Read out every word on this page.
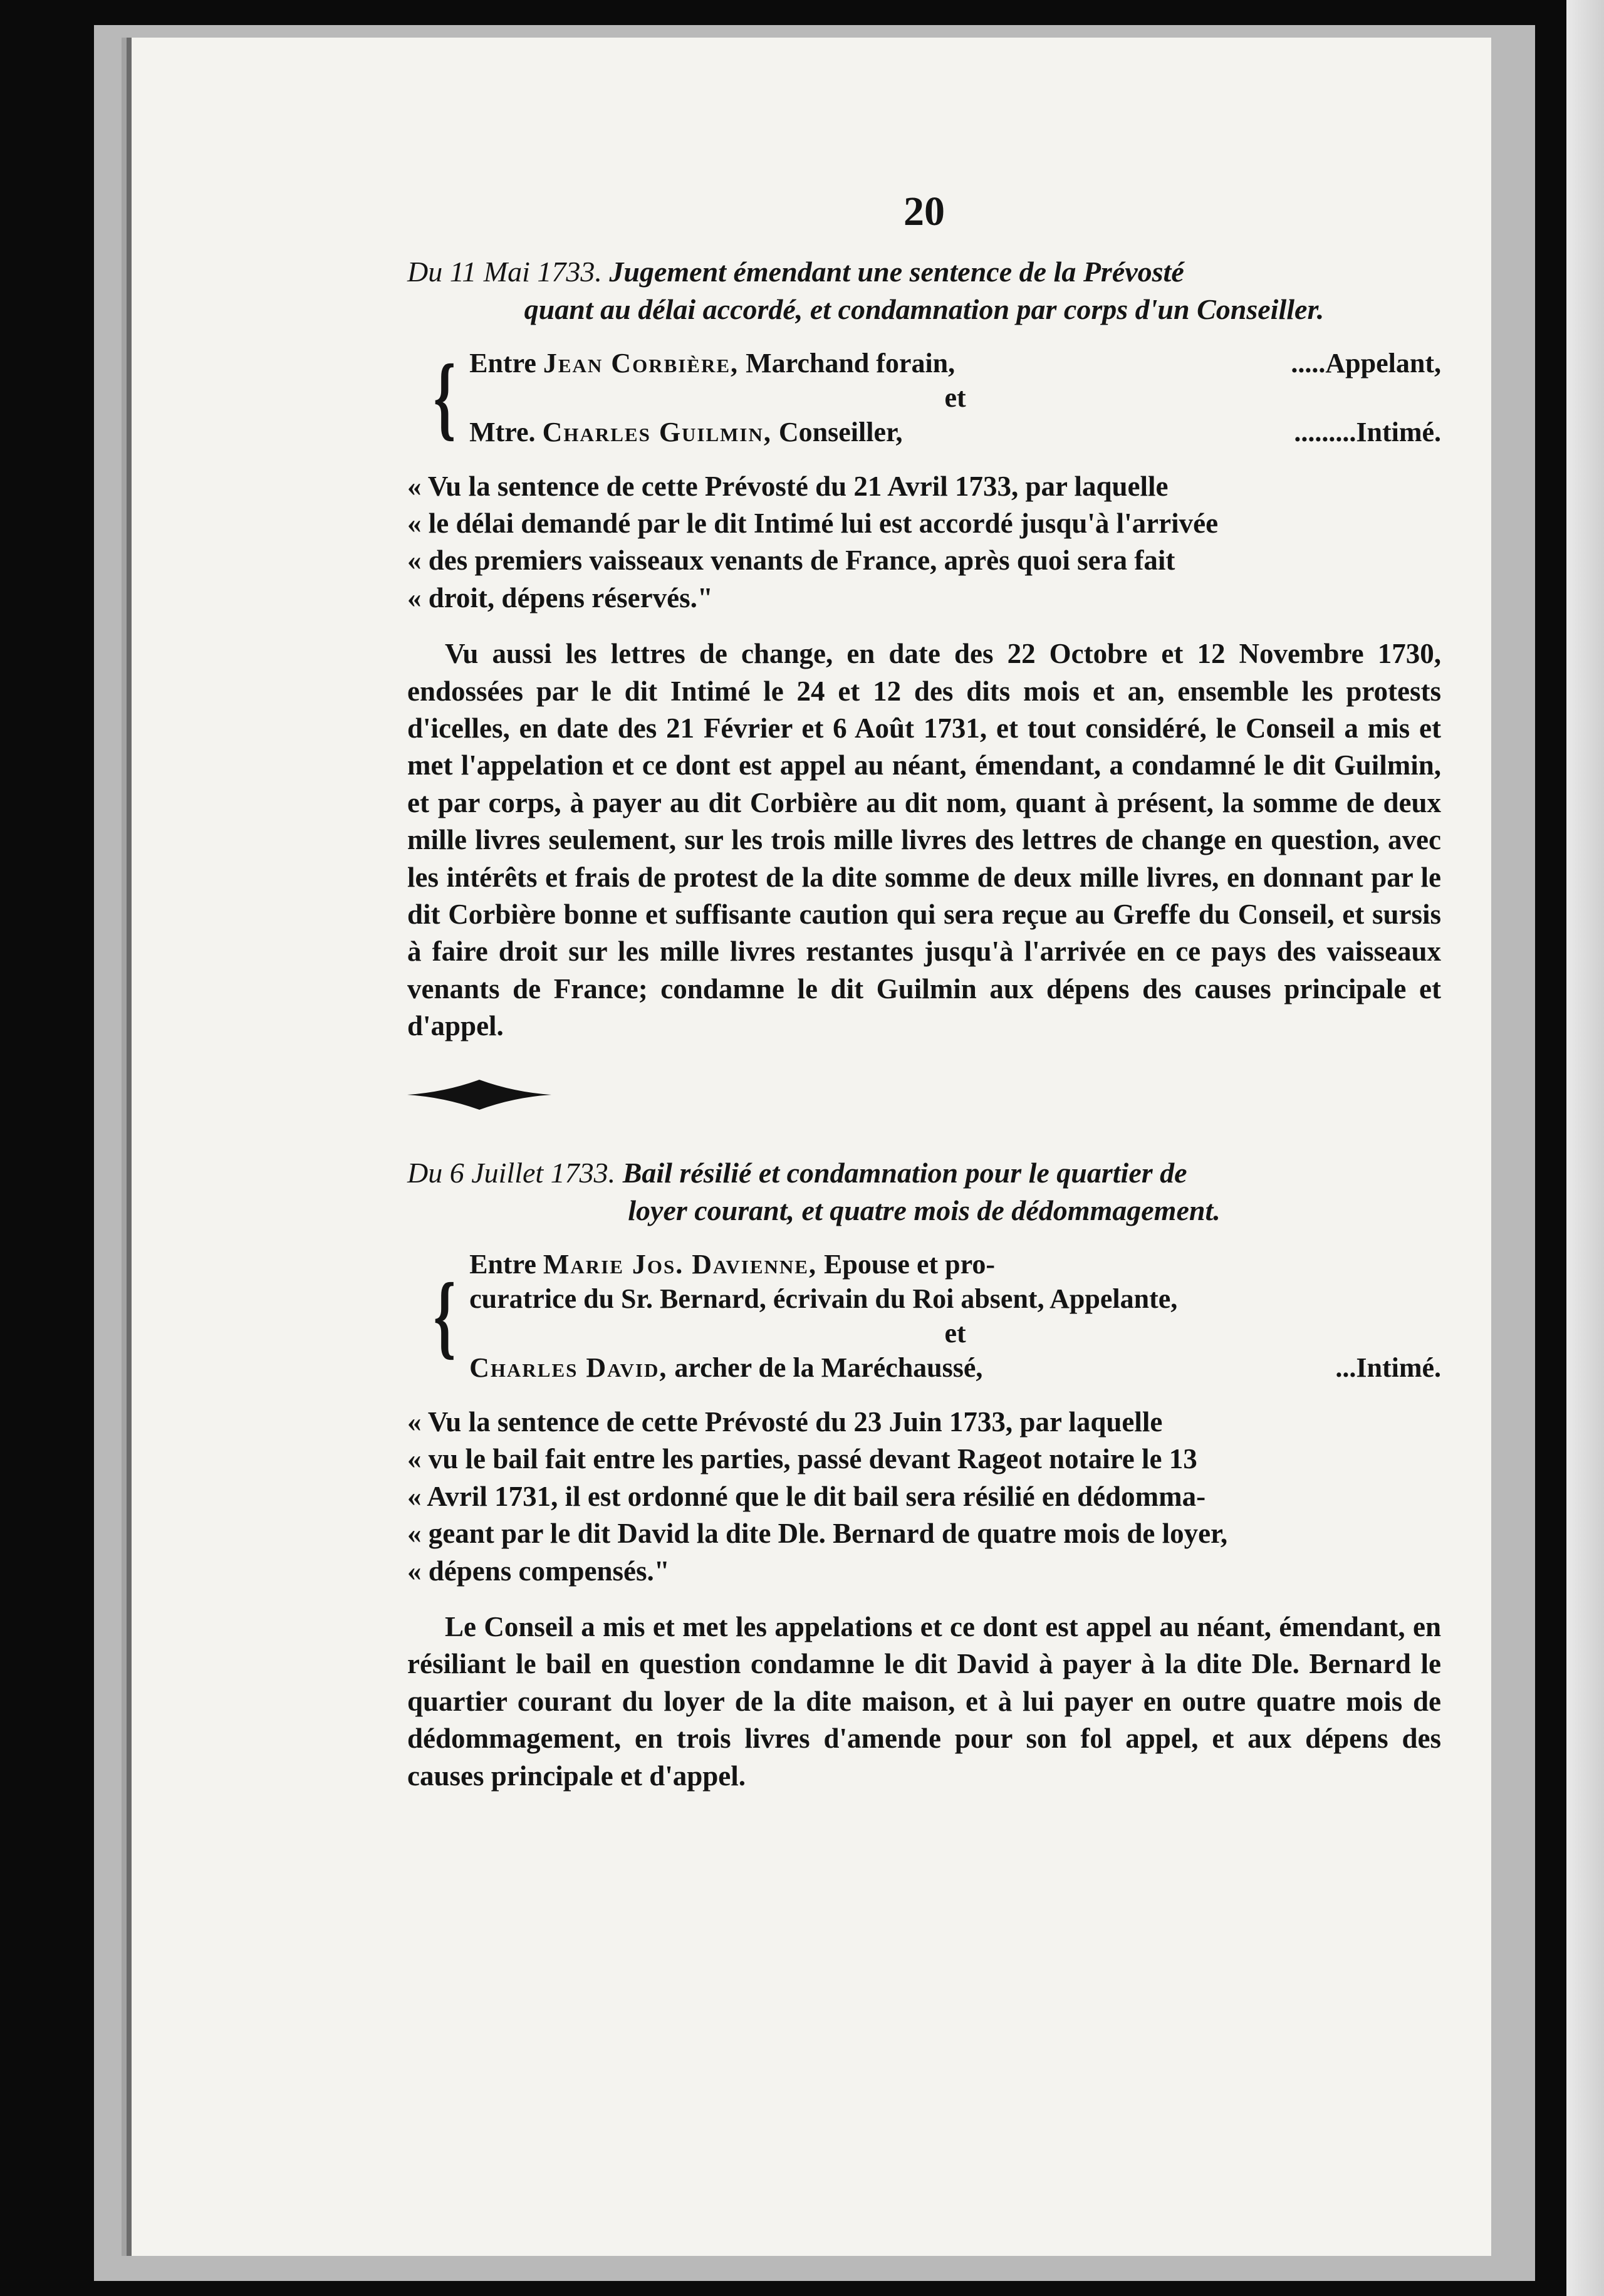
20
Du 11 Mai 1733. Jugement émendant une sentence de la Prévosté
quant au délai accordé, et condamnation par corps d'un Conseiller.
{ Entre Jean Corbière, Marchand forain,	.....Appelant,
et
Mtre. Charles Guilmin, Conseiller,	.........Intimé.
« Vu la sentence de cette Prévosté du 21 Avril 1733, par laquelle
« le délai demandé par le dit Intimé lui est accordé jusqu'à l'arrivée
« des premiers vaisseaux venants de France, après quoi sera fait
« droit, dépens réservés."

Vu aussi les lettres de change, en date des 22 Octobre et 12 Novembre 1730, endossées par le dit Intimé le 24 et 12 des dits mois et an, ensemble les protests d'icelles, en date des 21 Février et 6 Août 1731, et tout considéré, le Conseil a mis et met l'appelation et ce dont est appel au néant, émendant, a condamné le dit Guilmin, et par corps, à payer au dit Corbière au dit nom, quant à présent, la somme de deux mille livres seulement, sur les trois mille livres des lettres de change en question, avec les intérêts et frais de protest de la dite somme de deux mille livres, en donnant par le dit Corbière bonne et suffisante caution qui sera reçue au Greffe du Conseil, et sursis à faire droit sur les mille livres restantes jusqu'à l'arrivée en ce pays des vaisseaux venants de France; condamne le dit Guilmin aux dépens des causes principale et d'appel.

Du 6 Juillet 1733. Bail résilié et condamnation pour le quartier de
loyer courant, et quatre mois de dédommagement.
{ Entre Marie Jos. Davienne, Epouse et pro-
curatrice du Sr. Bernard, écrivain du Roi absent, Appelante,
et
Charles David, archer de la Maréchaussé,	...Intimé.
« Vu la sentence de cette Prévosté du 23 Juin 1733, par laquelle
« vu le bail fait entre les parties, passé devant Rageot notaire le 13
« Avril 1731, il est ordonné que le dit bail sera résilié en dédomma-
« geant par le dit David la dite Dle. Bernard de quatre mois de loyer,
« dépens compensés."

Le Conseil a mis et met les appelations et ce dont est appel au néant, émendant, en résiliant le bail en question condamne le dit David à payer à la dite Dle. Bernard le quartier courant du loyer de la dite maison, et à lui payer en outre quatre mois de dédommagement, en trois livres d'amende pour son fol appel, et aux dépens des causes principale et d'appel.
